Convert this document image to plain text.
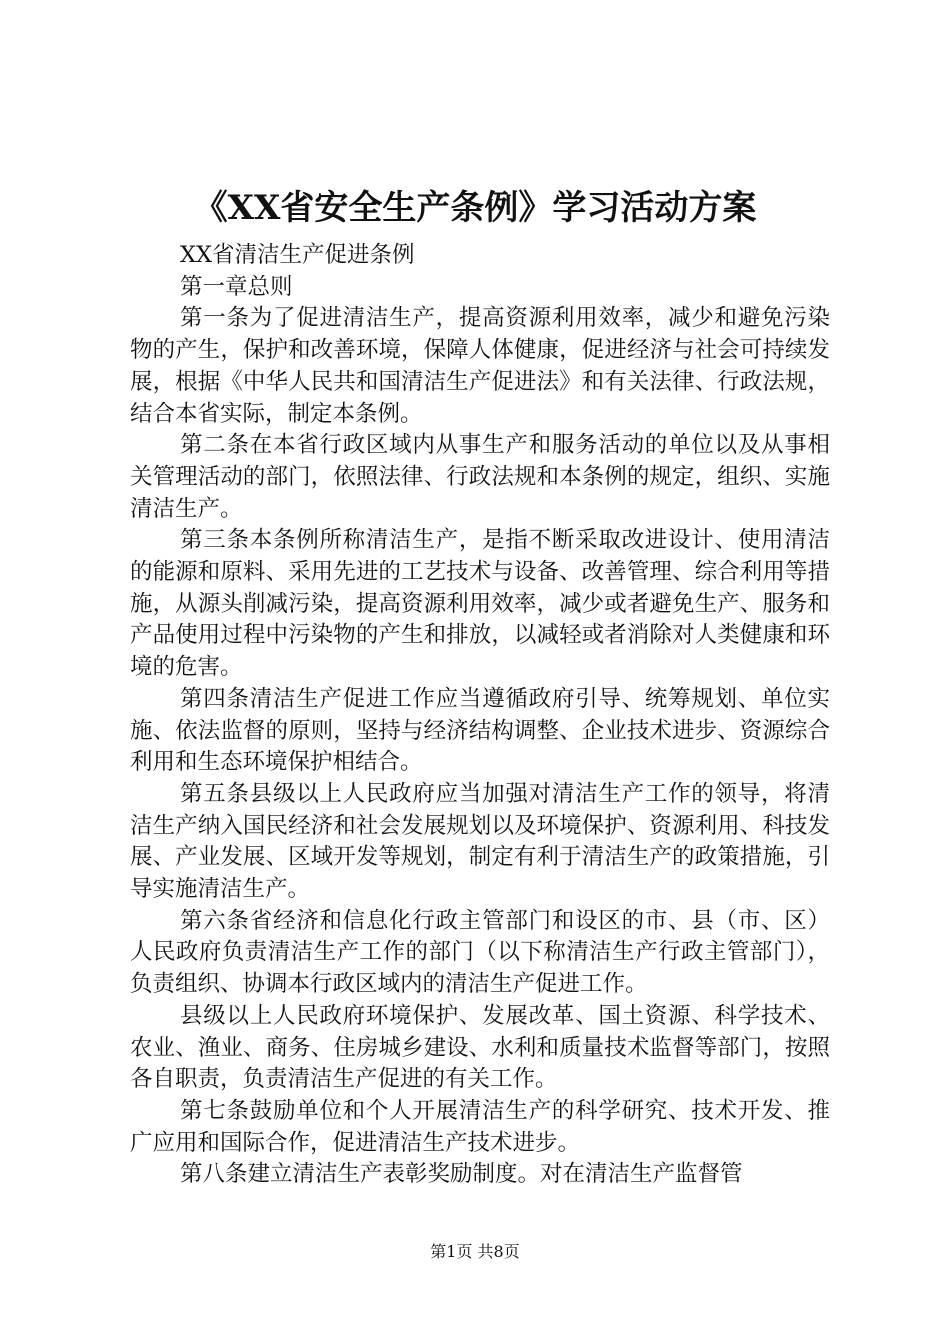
《XX省安全生产条例》学习活动方案

XX省清洁生产促进条例

第一章总则

第一条为了促进清洁生产，提高资源利用效率，减少和避免污染物的产生，保护和改善环境，保障人体健康，促进经济与社会可持续发展，根据《中华人民共和国清洁生产促进法》和有关法律、行政法规，结合本省实际，制定本条例。

第二条在本省行政区域内从事生产和服务活动的单位以及从事相关管理活动的部门，依照法律、行政法规和本条例的规定，组织、实施清洁生产。

第三条本条例所称清洁生产，是指不断采取改进设计、使用清洁的能源和原料、采用先进的工艺技术与设备、改善管理、综合利用等措施，从源头削减污染，提高资源利用效率，减少或者避免生产、服务和产品使用过程中污染物的产生和排放，以减轻或者消除对人类健康和环境的危害。

第四条清洁生产促进工作应当遵循政府引导、统筹规划、单位实施、依法监督的原则，坚持与经济结构调整、企业技术进步、资源综合利用和生态环境保护相结合。

第五条县级以上人民政府应当加强对清洁生产工作的领导，将清洁生产纳入国民经济和社会发展规划以及环境保护、资源利用、科技发展、产业发展、区域开发等规划，制定有利于清洁生产的政策措施，引导实施清洁生产。

第六条省经济和信息化行政主管部门和设区的市、县（市、区）人民政府负责清洁生产工作的部门（以下称清洁生产行政主管部门），负责组织、协调本行政区域内的清洁生产促进工作。

县级以上人民政府环境保护、发展改革、国土资源、科学技术、农业、渔业、商务、住房城乡建设、水利和质量技术监督等部门，按照各自职责，负责清洁生产促进的有关工作。

第七条鼓励单位和个人开展清洁生产的科学研究、技术开发、推广应用和国际合作，促进清洁生产技术进步。

第八条建立清洁生产表彰奖励制度。对在清洁生产监督管

第1页 共8页
